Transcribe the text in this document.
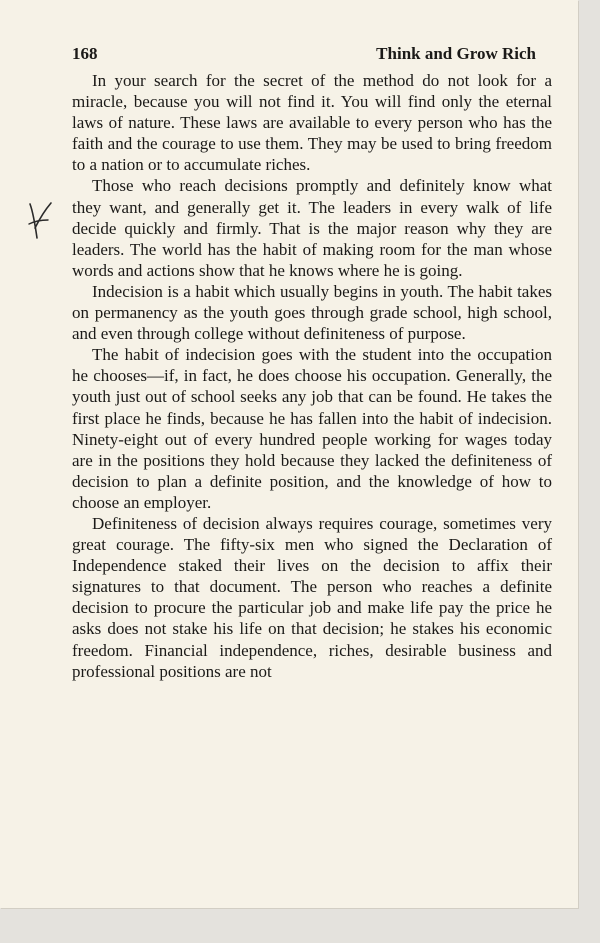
168	Think and Grow Rich

In your search for the secret of the method do not look for a miracle, because you will not find it. You will find only the eternal laws of nature. These laws are available to every person who has the faith and the courage to use them. They may be used to bring freedom to a nation or to accumulate riches.

Those who reach decisions promptly and definitely know what they want, and generally get it. The leaders in every walk of life decide quickly and firmly. That is the major reason why they are leaders. The world has the habit of making room for the man whose words and actions show that he knows where he is going.

Indecision is a habit which usually begins in youth. The habit takes on permanency as the youth goes through grade school, high school, and even through college without definiteness of purpose.

The habit of indecision goes with the student into the occupation he chooses—if, in fact, he does choose his occupation. Generally, the youth just out of school seeks any job that can be found. He takes the first place he finds, because he has fallen into the habit of indecision. Ninety-eight out of every hundred people working for wages today are in the positions they hold because they lacked the definiteness of decision to plan a definite position, and the knowledge of how to choose an employer.

Definiteness of decision always requires courage, sometimes very great courage. The fifty-six men who signed the Declaration of Independence staked their lives on the decision to affix their signatures to that document. The person who reaches a definite decision to procure the particular job and make life pay the price he asks does not stake his life on that decision; he stakes his economic freedom. Financial independence, riches, desirable business and professional positions are not
